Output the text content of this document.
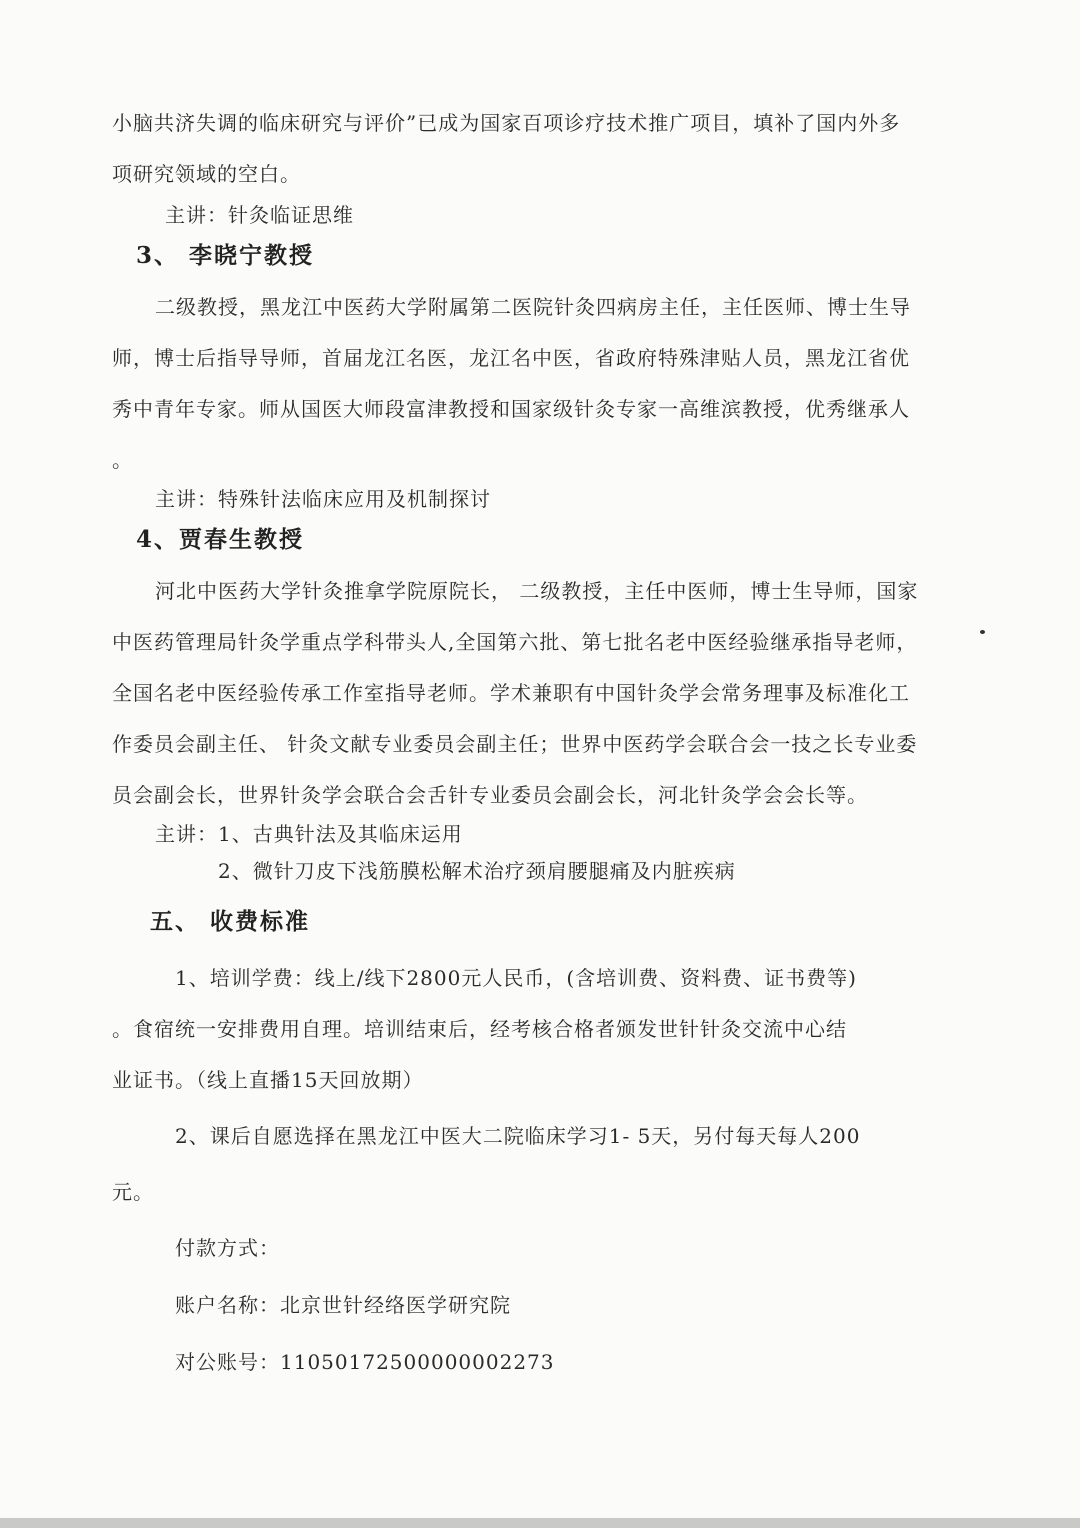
小脑共济失调的临床研究与评价”已成为国家百项诊疗技术推广项目，填补了国内外多

项研究领域的空白。

主讲：针灸临证思维

3、 李晓宁教授

二级教授，黑龙江中医药大学附属第二医院针灸四病房主任，主任医师、博士生导

师，博士后指导导师，首届龙江名医，龙江名中医，省政府特殊津贴人员，黑龙江省优

秀中青年专家。师从国医大师段富津教授和国家级针灸专家一高维滨教授，优秀继承人

。

主讲：特殊针法临床应用及机制探讨

4、贾春生教授

河北中医药大学针灸推拿学院原院长， 二级教授，主任中医师，博士生导师，国家

中医药管理局针灸学重点学科带头人,全国第六批、第七批名老中医经验继承指导老师，

全国名老中医经验传承工作室指导老师。学术兼职有中国针灸学会常务理事及标准化工

作委员会副主任、 针灸文献专业委员会副主任；世界中医药学会联合会一技之长专业委

员会副会长，世界针灸学会联合会舌针专业委员会副会长，河北针灸学会会长等。

主讲：1、古典针法及其临床运用

2、微针刀皮下浅筋膜松解术治疗颈肩腰腿痛及内脏疾病

五、 收费标准

1、培训学费：线上/线下2800元人民币，(含培训费、资料费、证书费等)

。食宿统一安排费用自理。培训结束后，经考核合格者颁发世针针灸交流中心结

业证书。（线上直播15天回放期）

2、课后自愿选择在黑龙江中医大二院临床学习1- 5天，另付每天每人200

元。

付款方式：

账户名称：北京世针经络医学研究院

对公账号：11050172500000002273
